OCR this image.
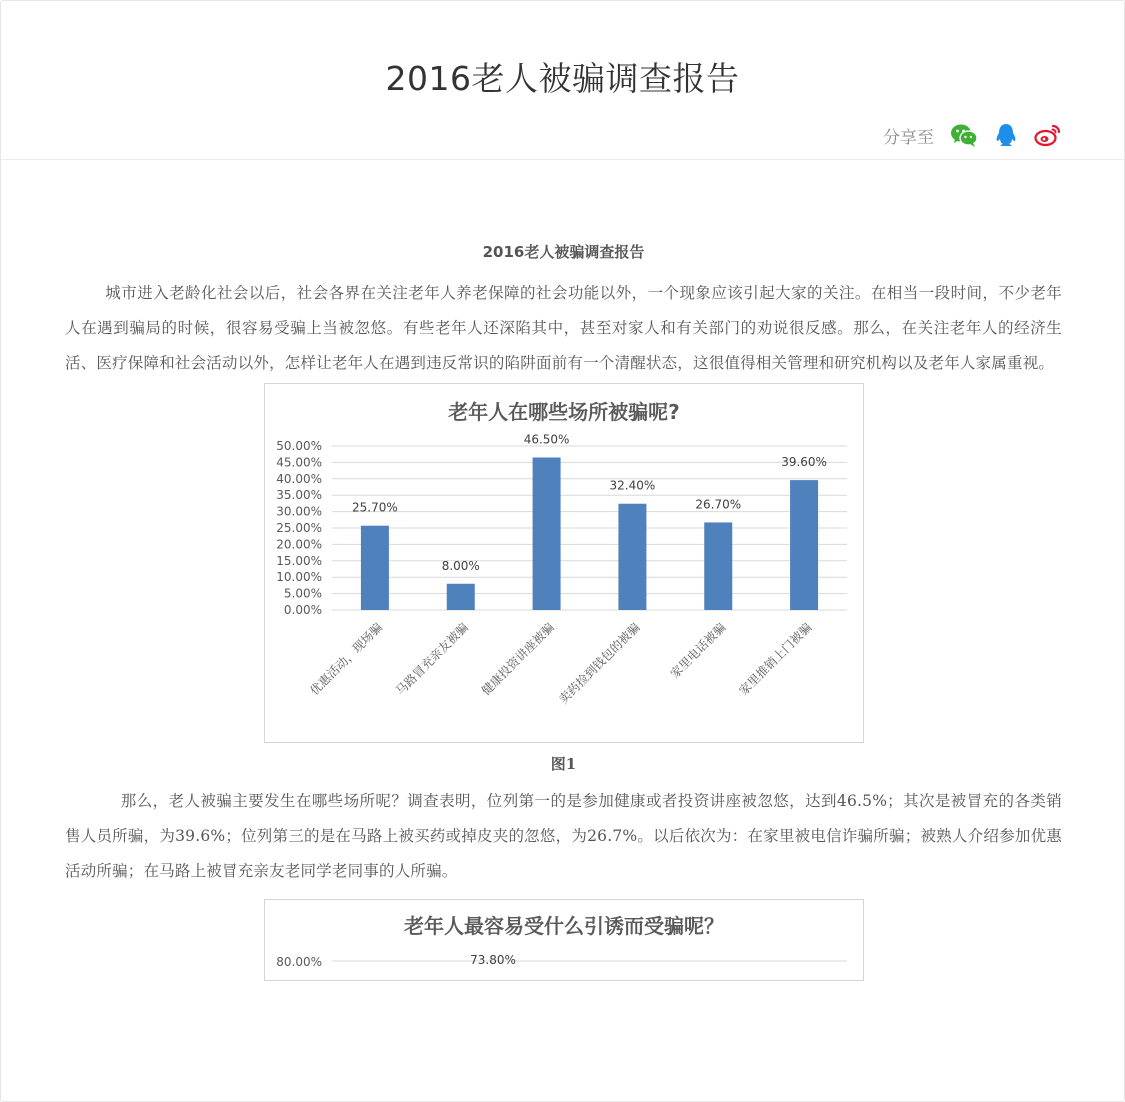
2016老人被骗调查报告
分享至
2016老人被骗调查报告

城市进入老龄化社会以后，社会各界在关注老年人养老保障的社会功能以外，一个现象应该引起大家的关注。在相当一段时间，不少老年人在遇到骗局的时候，很容易受骗上当被忽悠。有些老年人还深陷其中，甚至对家人和有关部门的劝说很反感。那么，在关注老年人的经济生活、医疗保障和社会活动以外，怎样让老年人在遇到违反常识的陷阱面前有一个清醒状态，这很值得相关管理和研究机构以及老年人家属重视。

老年人在哪些场所被骗呢?
0.00%
5.00%
10.00%
15.00%
20.00%
25.00%
30.00%
35.00%
40.00%
45.00%
50.00%
25.70%
优惠活动，现场骗
8.00%
马路冒充亲友被骗
46.50%
健康投资讲座被骗
32.40%
卖药捡到钱包的被骗
26.70%
家里电话被骗
39.60%
家里推销上门被骗
图1

那么，老人被骗主要发生在哪些场所呢？调查表明，位列第一的是参加健康或者投资讲座被忽悠，达到46.5%；其次是被冒充的各类销售人员所骗，为39.6%；位列第三的是在马路上被买药或掉皮夹的忽悠，为26.7%。以后依次为：在家里被电信诈骗所骗；被熟人介绍参加优惠活动所骗；在马路上被冒充亲友老同学老同事的人所骗。

老年人最容易受什么引诱而受骗呢？
80.00%	73.80%
